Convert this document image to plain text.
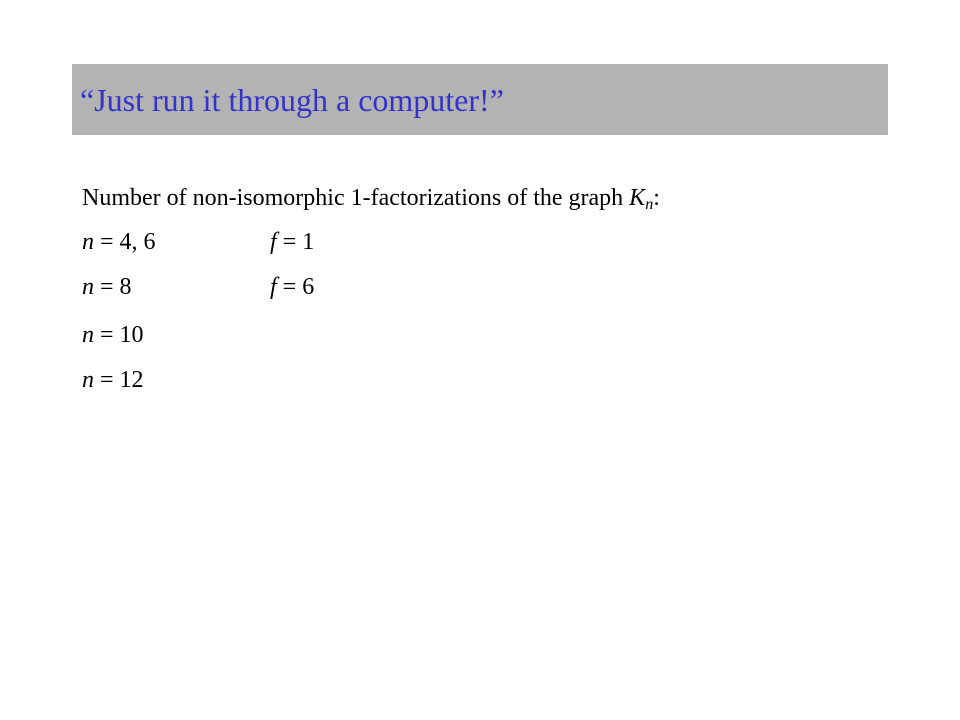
“Just run it through a computer!”
Number of non-isomorphic 1-factorizations of the graph $K_n$:
n = 4, 6	f = 1
n = 8	f = 6
n = 10
n = 12
